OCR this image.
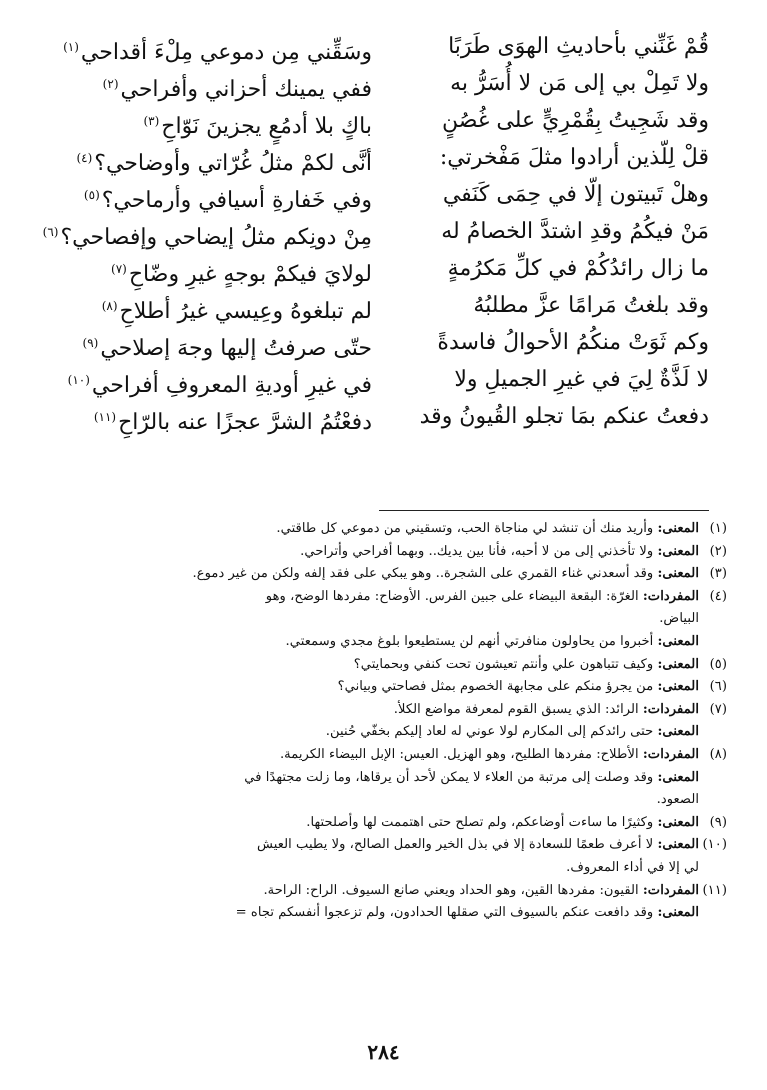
قُمْ غَنِّني بأحاديثِ الهوَى طَرَبًا
وسَقِّني مِن دموعي مِلْءَ أقداحي$^{(١)}$
ولا تَمِلْ بي إلى مَن لا أُسَرُّ به
ففي يمينك أحزاني وأفراحي$^{(٢)}$
وقد شَجِيتُ بِقُمْرِيٍّ على غُصُنٍ
باكٍ بلا أدمُعٍ يجزينَ نَوّاحِ$^{(٣)}$
قلْ لِلّذين أرادوا مثلَ مَفْخرتي:
أنَّى لكمْ مثلُ غُرّاتي وأوضاحي؟$^{(٤)}$
وهلْ تَبيتون إلّا في حِمَى كَنَفي
وفي خَفارةِ أسيافي وأرماحي؟$^{(٥)}$
مَنْ فيكُمُ وقدِ اشتدَّ الخصامُ له
مِنْ دونِكم مثلُ إيضاحي وإفصاحي؟$^{(٦)}$
ما زال رائدُكُمْ في كلِّ مَكرُمةٍ
لولايَ فيكمْ بوجهٍ غيرِ وضّاحِ$^{(٧)}$
وقد بلغتُ مَرامًا عزَّ مطلبُهُ
لم تبلغوهُ وعِيسي غيرُ أطلاحِ$^{(٨)}$
وكم ثَوَتْ منكُمُ الأحوالُ فاسدةً
حتّى صرفتُ إليها وجهَ إصلاحي$^{(٩)}$
لا لَذَّةٌ لِيَ في غيرِ الجميلِ ولا
في غيرِ أوديةِ المعروفِ أفراحي$^{(١٠)}$
دفعتُ عنكم بمَا تجلو القُيونُ وقد
دفعْتُمُ الشرَّ عجزًا عنه بالرّاحِ$^{(١١)}$
(١)المعنى: وأريد منك أن تنشد لي مناجاة الحب، وتسقيني من دموعي كل طاقتي.
(٢)المعنى: ولا تأخذني إلى من لا أحبه، فأنا بين يديك.. وبهما أفراحي وأتراحي.
(٣)المعنى: وقد أسعدني غناء القمري على الشجرة.. وهو يبكي على فقد إلفه ولكن من غير دموع.
(٤)المفردات: الغرّة: البقعة البيضاء على جبين الفرس. الأوضاح: مفردها الوضح، وهو
البياض.
المعنى: أخبروا من يحاولون منافرتي أنهم لن يستطيعوا بلوغ مجدي وسمعتي.
(٥)المعنى: وكيف تتباهون علي وأنتم تعيشون تحت كنفي وبحمايتي؟
(٦)المعنى: من يجرؤ منكم على مجابهة الخصوم بمثل فصاحتي وبياني؟
(٧)المفردات: الرائد: الذي يسبق القوم لمعرفة مواضع الكلأ.
المعنى: حتى رائدكم إلى المكارم لولا عوني له لعاد إليكم بخفّي حُنين.
(٨)المفردات: الأطلاح: مفردها الطليح، وهو الهزيل. العيس: الإبل البيضاء الكريمة.
المعنى: وقد وصلت إلى مرتبة من العلاء لا يمكن لأحد أن يرقاها، وما زلت مجتهدًا في
الصعود.
(٩)المعنى: وكثيرًا ما ساءت أوضاعكم، ولم تصلح حتى اهتممت لها وأصلحتها.
(١٠)المعنى: لا أعرف طعمًا للسعادة إلا في بذل الخير والعمل الصالح، ولا يطيب العيش
لي إلا في أداء المعروف.
(١١)المفردات: القيون: مفردها القين، وهو الحداد ويعني صانع السيوف. الراح: الراحة.
المعنى: وقد دافعت عنكم بالسيوف التي صقلها الحدادون، ولم تزعجوا أنفسكم تجاه =
٢٨٤
